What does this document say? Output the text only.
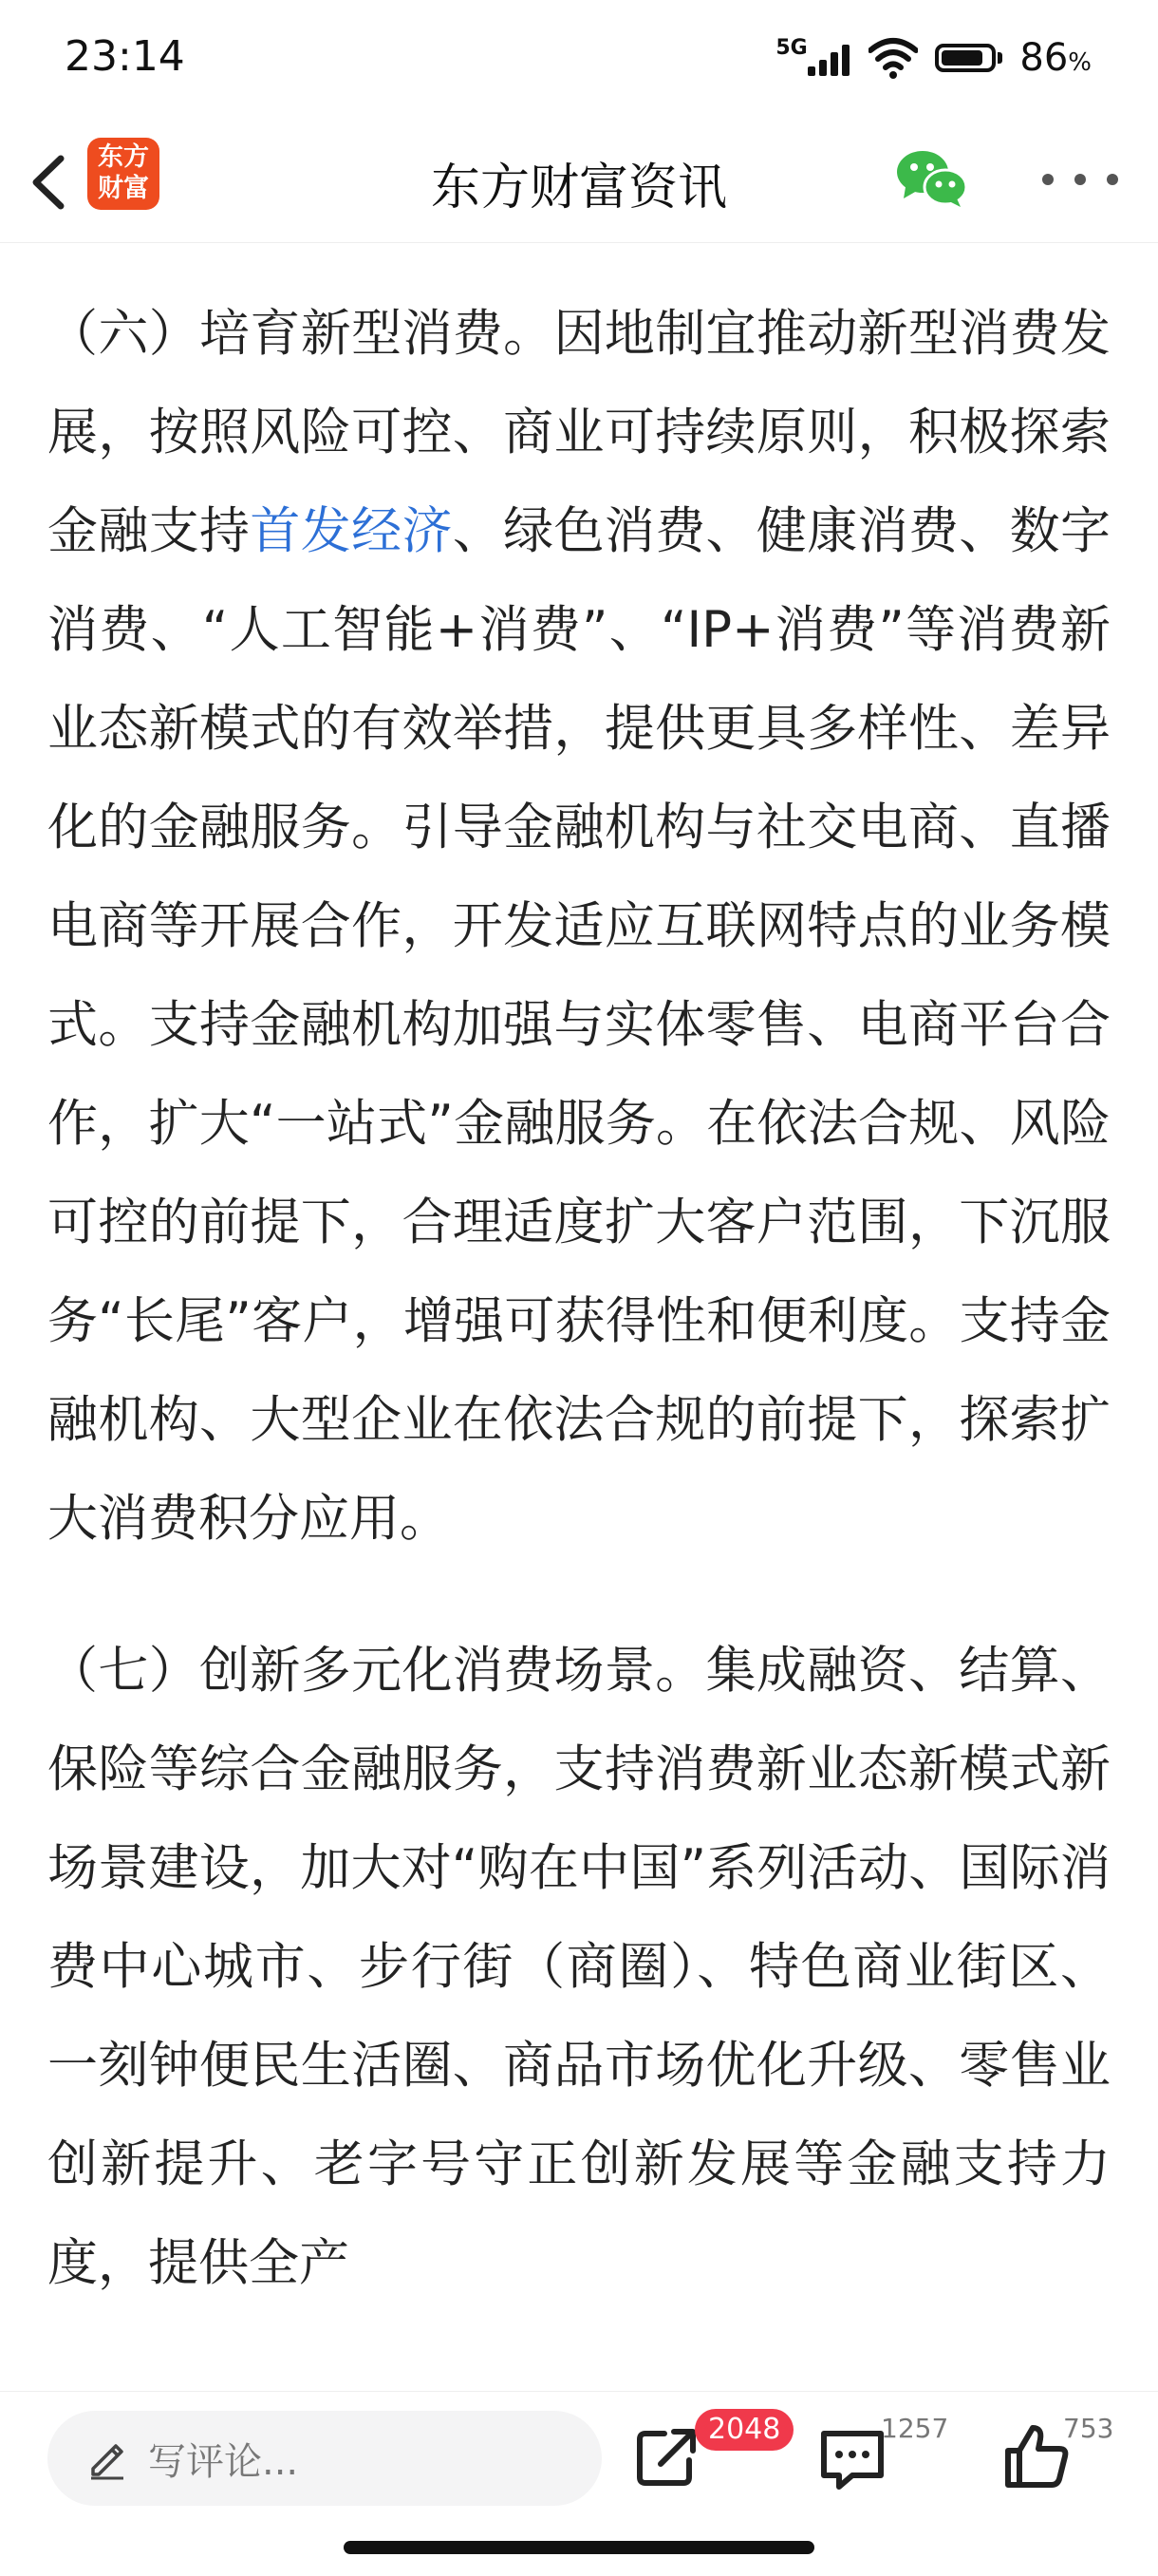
23:14	5G	86%
东方
财富	东方财富资讯

（六）培育新型消费。因地制宜推动新型消费发展，按照风险可控、商业可持续原则，积极探索金融支持首发经济、绿色消费、健康消费、数字消费、“人工智能+消费”、“IP+消费”等消费新业态新模式的有效举措，提供更具多样性、差异化的金融服务。引导金融机构与社交电商、直播电商等开展合作，开发适应互联网特点的业务模式。支持金融机构加强与实体零售、电商平台合作，扩大“一站式”金融服务。在依法合规、风险可控的前提下，合理适度扩大客户范围，下沉服务“长尾”客户，增强可获得性和便利度。支持金融机构、大型企业在依法合规的前提下，探索扩大消费积分应用。

（七）创新多元化消费场景。集成融资、结算、保险等综合金融服务，支持消费新业态新模式新场景建设，加大对“购在中国”系列活动、国际消费中心城市、步行街（商圈）、特色商业街区、一刻钟便民生活圈、商品市场优化升级、零售业创新提升、老字号守正创新发展等金融支持力度，提供全产

写评论...
2048	1257	753
